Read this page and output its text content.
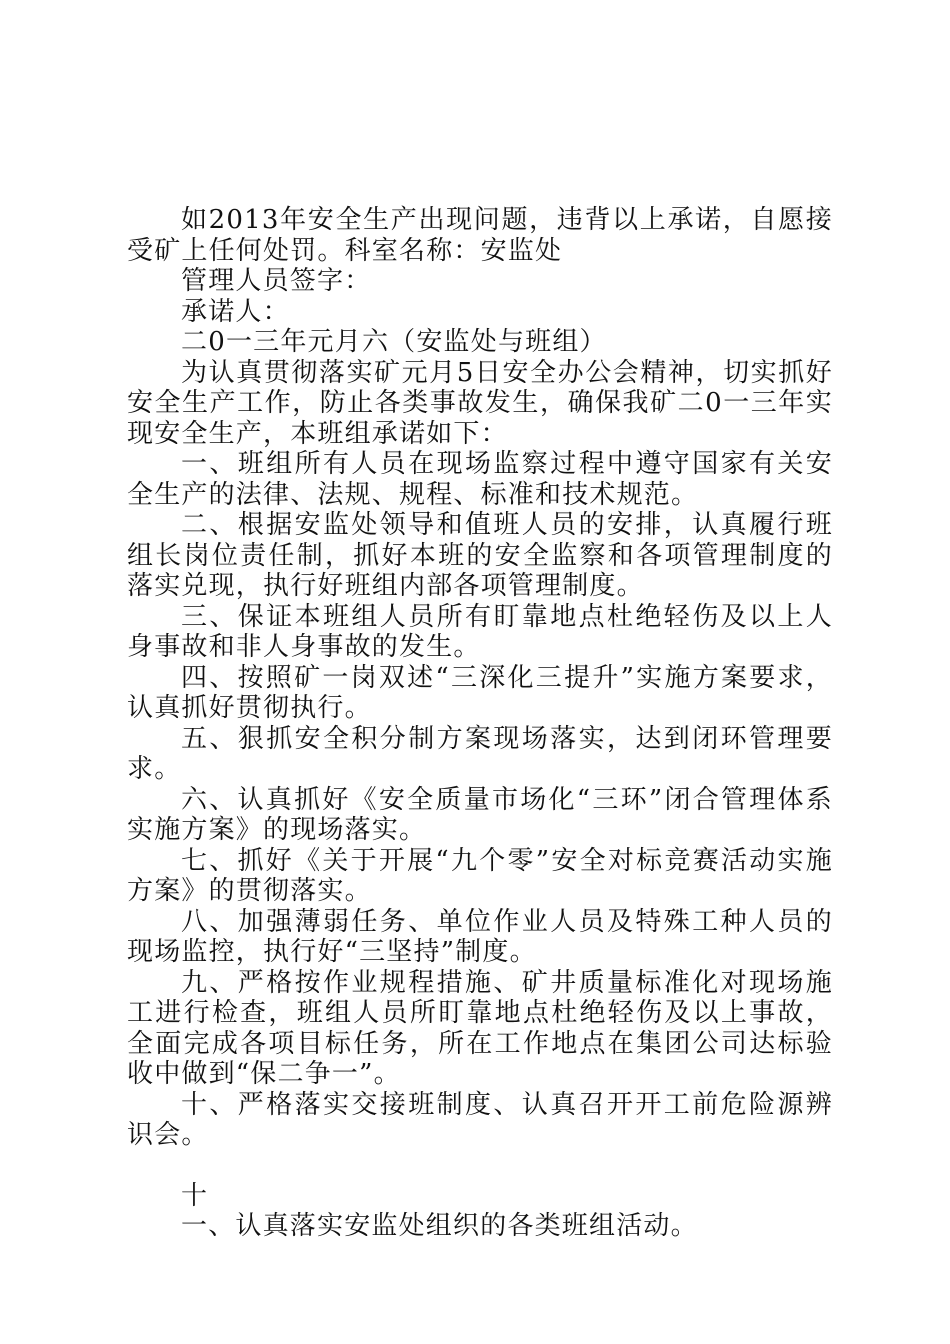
如2013年安全生产出现问题，违背以上承诺，自愿接受矿上任何处罚。科室名称：安监处

管理人员签字：

承诺人：

二0一三年元月六（安监处与班组）

为认真贯彻落实矿元月5日安全办公会精神，切实抓好安全生产工作，防止各类事故发生，确保我矿二0一三年实现安全生产，本班组承诺如下：

一、班组所有人员在现场监察过程中遵守国家有关安全生产的法律、法规、规程、标准和技术规范。

二、根据安监处领导和值班人员的安排，认真履行班组长岗位责任制，抓好本班的安全监察和各项管理制度的落实兑现，执行好班组内部各项管理制度。

三、保证本班组人员所有盯靠地点杜绝轻伤及以上人身事故和非人身事故的发生。

四、按照矿一岗双述“三深化三提升”实施方案要求，认真抓好贯彻执行。

五、狠抓安全积分制方案现场落实，达到闭环管理要求。

六、认真抓好《安全质量市场化“三环”闭合管理体系实施方案》的现场落实。

七、抓好《关于开展“九个零”安全对标竞赛活动实施方案》的贯彻落实。

八、加强薄弱任务、单位作业人员及特殊工种人员的现场监控，执行好“三坚持”制度。

九、严格按作业规程措施、矿井质量标准化对现场施工进行检查，班组人员所盯靠地点杜绝轻伤及以上事故，全面完成各项目标任务，所在工作地点在集团公司达标验收中做到“保二争一”。

十、严格落实交接班制度、认真召开开工前危险源辨识会。

十

一、认真落实安监处组织的各类班组活动。
